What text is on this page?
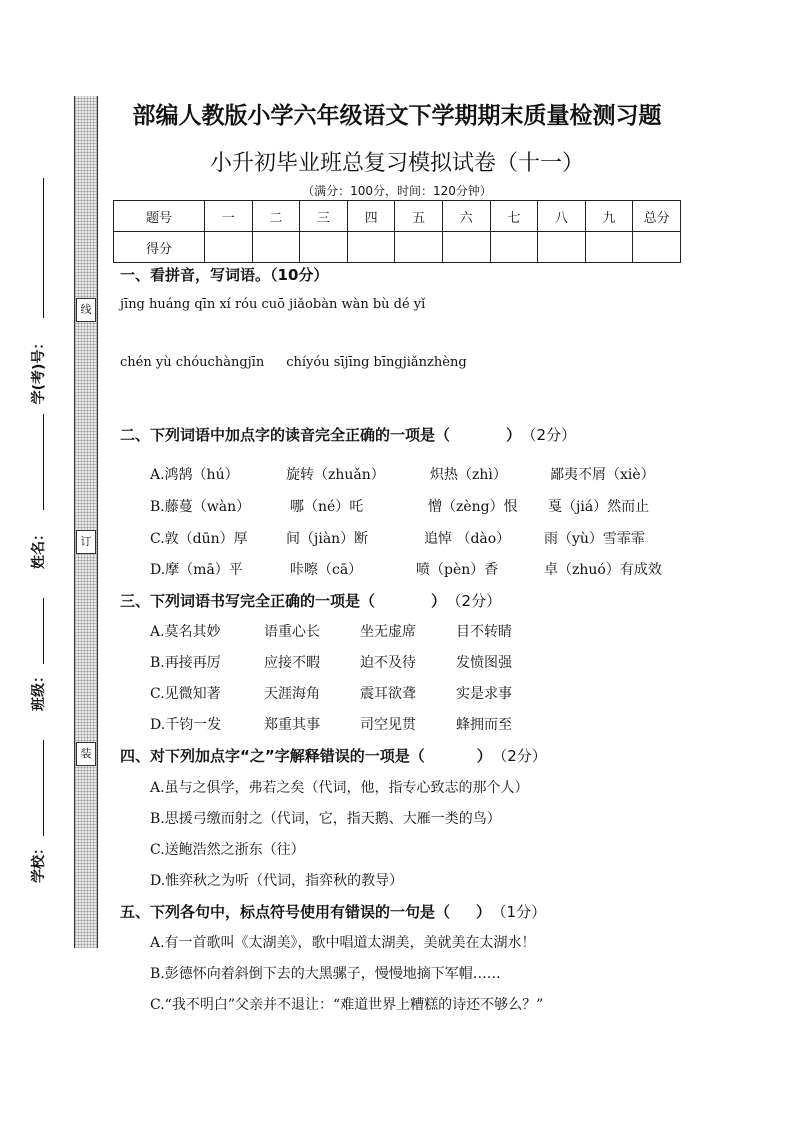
线
订
装
学(考)号：
姓名：
班级：
学校：
部编人教版小学六年级语文下学期期末质量检测习题
小升初毕业班总复习模拟试卷（十一）
（满分：100分，时间：120分钟）
题号	一	二	三	四	五	六	七	八	九	总分
得分										
一、看拼音，写词语。（10分）
jīng huáng qīn xí róu cuō jiǎobàn wàn bù dé yǐ
chén yù chóuchàngjīn chíyóu sījīng bīngjiǎnzhèng
二、下列词语中加点字的读音完全正确的一项是（	） （2分）
A.鸿鹄（hú）	旋转（zhuǎn）	炽热（zhì）	鄙夷不屑（xiè）
B.藤蔓（wàn）	哪（né）吒	憎（zèng）恨 戛（jiá）然而止
C.敦（dūn）厚	间（jiàn）断	追悼 （dào） 雨（yù）雪霏霏
D.摩（mā）平	咔嚓（cā）	喷（pèn）香	卓（zhuó）有成效
三、下列词语书写完全正确的一项是（	） （2分）
A.莫名其妙	语重心长	坐无虚席	目不转睛
B.再接再厉	应接不暇	迫不及待	发愤图强
C.见微知著	天涯海角	震耳欲聋	实是求事
D.千钧一发	郑重其事	司空见贯	蜂拥而至
四、对下列加点字“之”字解释错误的一项是（	） （2分）
A.虽与之俱学，弗若之矣（代词，他，指专心致志的那个人）
B.思援弓缴而射之（代词，它，指天鹅、大雁一类的鸟）
C.送鲍浩然之浙东（往）
D.惟弈秋之为听（代词，指弈秋的教导）
五、下列各句中，标点符号使用有错误的一句是（ ） （1分）
A.有一首歌叫《太湖美》，歌中唱道太湖美，美就美在太湖水！
B.彭德怀向着斜倒下去的大黑骡子，慢慢地摘下军帽……
C.“我不明白”父亲并不退让：“难道世界上糟糕的诗还不够么？”
